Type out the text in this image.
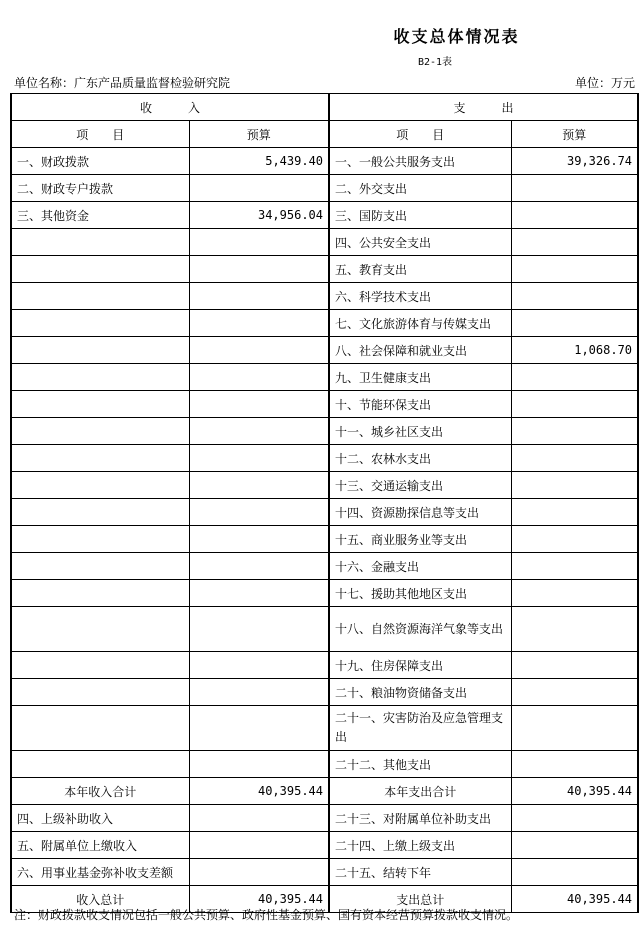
收支总体情况表
B2-1表
单位名称：广东产品质量监督检验研究院	单位：万元
收　　　入		支　　　出	
项　　目	预算	项　　目	预算
一、财政拨款	5,439.40	一、一般公共服务支出	39,326.74
二、财政专户拨款		二、外交支出	
三、其他资金	34,956.04	三、国防支出	
		四、公共安全支出	
		五、教育支出	
		六、科学技术支出	
		七、文化旅游体育与传媒支出	
		八、社会保障和就业支出	1,068.70
		九、卫生健康支出	
		十、节能环保支出	
		十一、城乡社区支出	
		十二、农林水支出	
		十三、交通运输支出	
		十四、资源勘探信息等支出	
		十五、商业服务业等支出	
		十六、金融支出	
		十七、援助其他地区支出	
		十八、自然资源海洋气象等支出	
		十九、住房保障支出	
		二十、粮油物资储备支出	
		二十一、灾害防治及应急管理支出	
		二十二、其他支出	
本年收入合计	40,395.44	本年支出合计	40,395.44
四、上级补助收入		二十三、对附属单位补助支出	
五、附属单位上缴收入		二十四、上缴上级支出	
六、用事业基金弥补收支差额		二十五、结转下年	
收入总计	40,395.44	支出总计	40,395.44
注：财政拨款收支情况包括一般公共预算、政府性基金预算、国有资本经营预算拨款收支情况。
